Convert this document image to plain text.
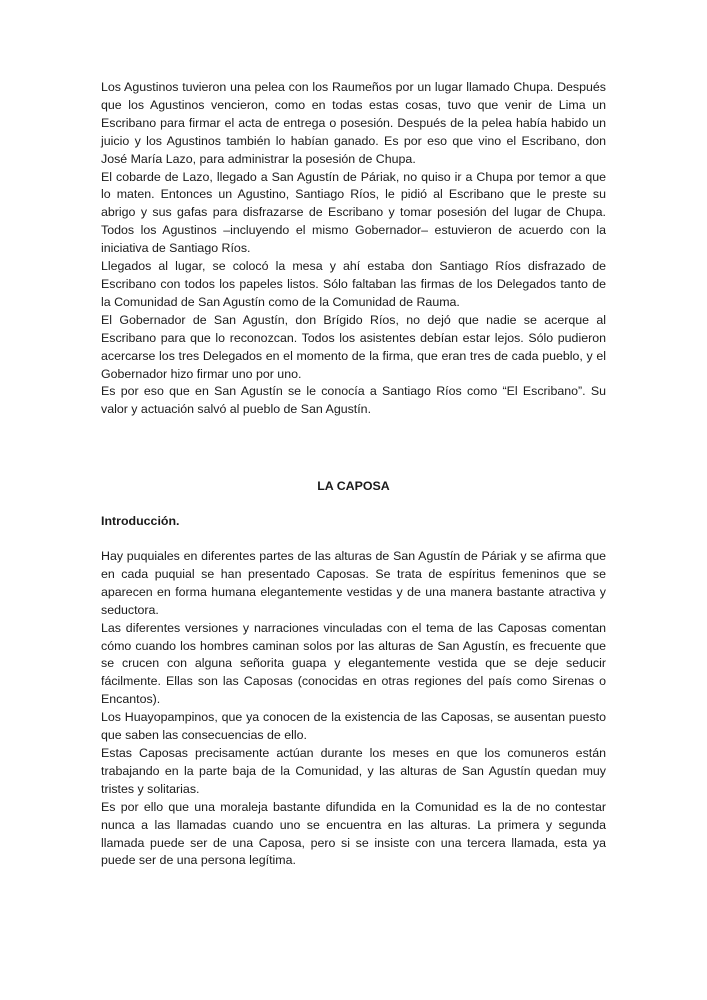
Los Agustinos tuvieron una pelea con los Raumeños por un lugar llamado Chupa. Después que los Agustinos vencieron, como en todas estas cosas, tuvo que venir de Lima un Escribano para firmar el acta de entrega o posesión. Después de la pelea había habido un juicio y los Agustinos también lo habían ganado. Es por eso que vino el Escribano, don José María Lazo, para administrar la posesión de Chupa.

El cobarde de Lazo, llegado a San Agustín de Páriak, no quiso ir a Chupa por temor a que lo maten. Entonces un Agustino, Santiago Ríos, le pidió al Escribano que le preste su abrigo y sus gafas para disfrazarse de Escribano y tomar posesión del lugar de Chupa. Todos los Agustinos –incluyendo el mismo Gobernador– estuvieron de acuerdo con la iniciativa de Santiago Ríos.

Llegados al lugar, se colocó la mesa y ahí estaba don Santiago Ríos disfrazado de Escribano con todos los papeles listos. Sólo faltaban las firmas de los Delegados tanto de la Comunidad de San Agustín como de la Comunidad de Rauma.

El Gobernador de San Agustín, don Brígido Ríos, no dejó que nadie se acerque al Escribano para que lo reconozcan. Todos los asistentes debían estar lejos. Sólo pudieron acercarse los tres Delegados en el momento de la firma, que eran tres de cada pueblo, y el Gobernador hizo firmar uno por uno.

Es por eso que en San Agustín se le conocía a Santiago Ríos como “El Escribano”. Su valor y actuación salvó al pueblo de San Agustín.

LA CAPOSA
Introducción.

Hay puquiales en diferentes partes de las alturas de San Agustín de Páriak y se afirma que en cada puquial se han presentado Caposas. Se trata de espíritus femeninos que se aparecen en forma humana elegantemente vestidas y de una manera bastante atractiva y seductora.

Las diferentes versiones y narraciones vinculadas con el tema de las Caposas comentan cómo cuando los hombres caminan solos por las alturas de San Agustín, es frecuente que se crucen con alguna señorita guapa y elegantemente vestida que se deje seducir fácilmente. Ellas son las Caposas (conocidas en otras regiones del país como Sirenas o Encantos).

Los Huayopampinos, que ya conocen de la existencia de las Caposas, se ausentan puesto que saben las consecuencias de ello.

Estas Caposas precisamente actúan durante los meses en que los comuneros están trabajando en la parte baja de la Comunidad, y las alturas de San Agustín quedan muy tristes y solitarias.

Es por ello que una moraleja bastante difundida en la Comunidad es la de no contestar nunca a las llamadas cuando uno se encuentra en las alturas. La primera y segunda llamada puede ser de una Caposa, pero si se insiste con una tercera llamada, esta ya puede ser de una persona legítima.
